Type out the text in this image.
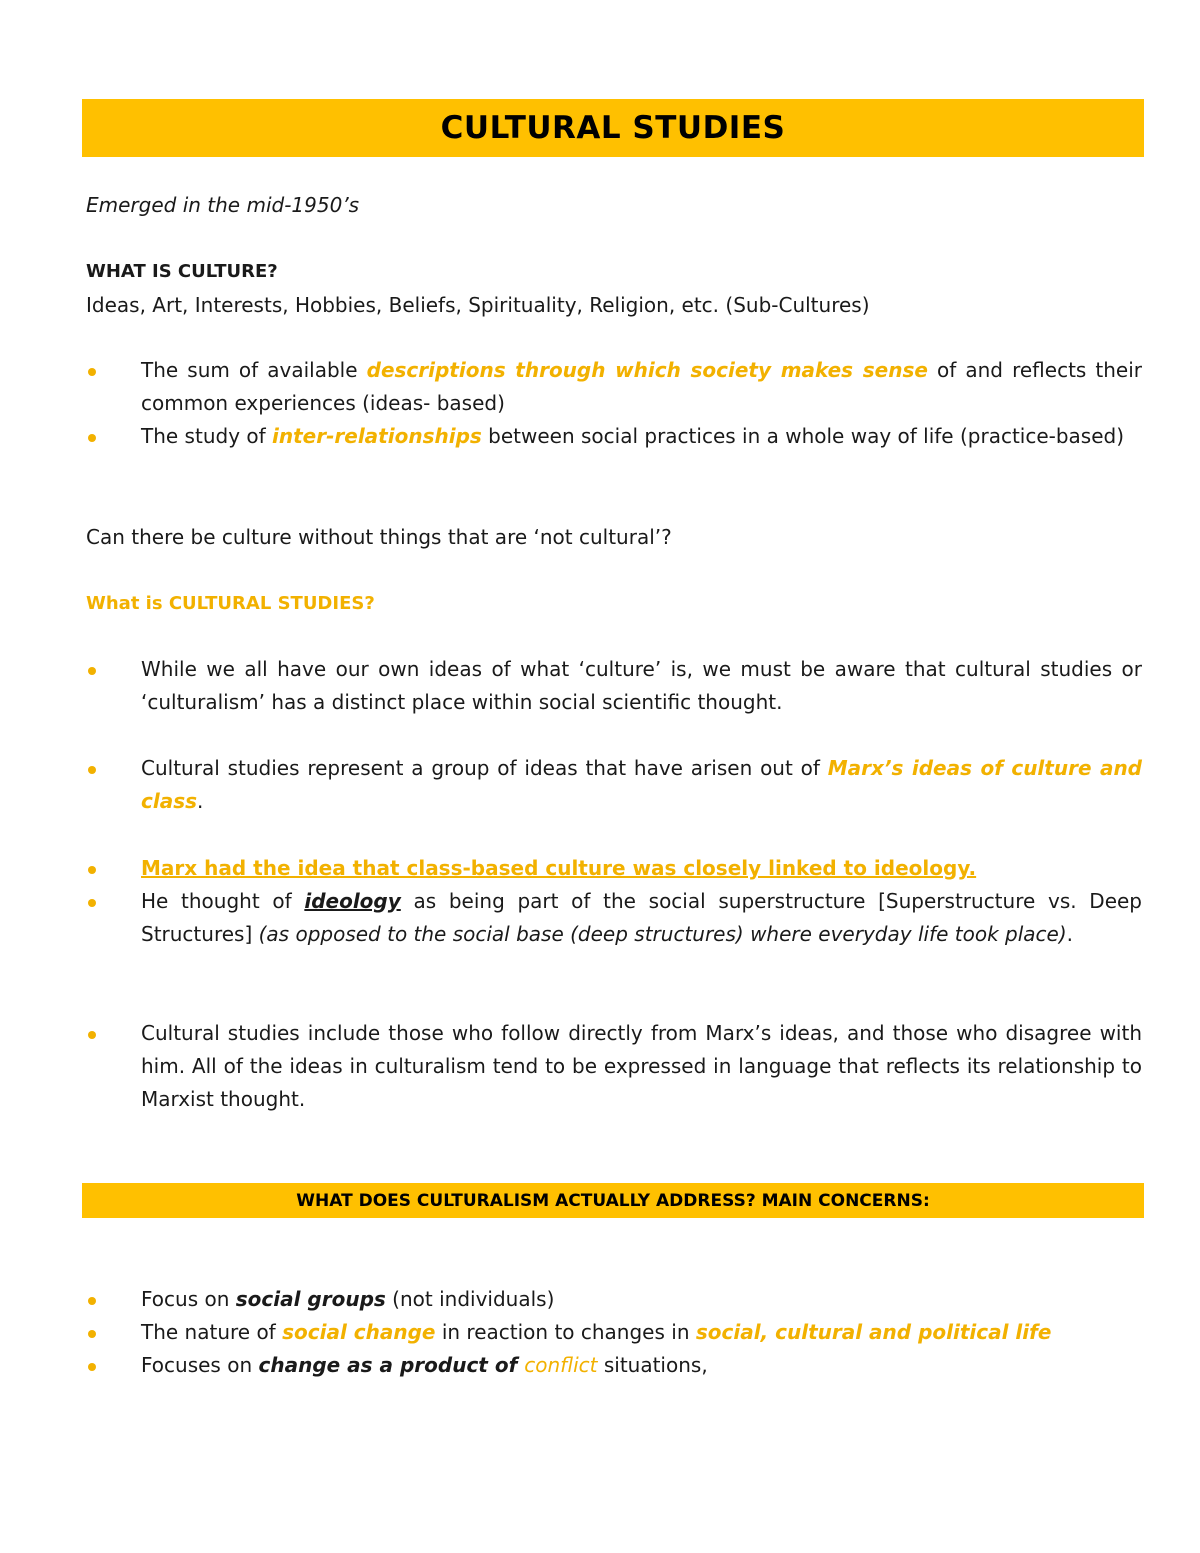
CULTURAL STUDIES
Emerged in the mid-1950’s
WHAT IS CULTURE?
Ideas, Art, Interests, Hobbies, Beliefs, Spirituality, Religion, etc. (Sub-Cultures)
The sum of available descriptions through which society makes sense of and reflects their common experiences (ideas- based)
The study of inter-relationships between social practices in a whole way of life (practice-based)
Can there be culture without things that are ‘not cultural’?
What is CULTURAL STUDIES?
While we all have our own ideas of what ‘culture’ is, we must be aware that cultural studies or ‘culturalism’ has a distinct place within social scientific thought.
Cultural studies represent a group of ideas that have arisen out of Marx’s ideas of culture and class.
Marx had the idea that class-based culture was closely linked to ideology.
He thought of ideology as being part of the social superstructure [Superstructure vs. Deep Structures] (as opposed to the social base (deep structures) where everyday life took place).
Cultural studies include those who follow directly from Marx’s ideas, and those who disagree with him. All of the ideas in culturalism tend to be expressed in language that reflects its relationship to Marxist thought.
WHAT DOES CULTURALISM ACTUALLY ADDRESS? MAIN CONCERNS:
Focus on social groups (not individuals)
The nature of social change in reaction to changes in social, cultural and political life
Focuses on change as a product of conflict situations,
